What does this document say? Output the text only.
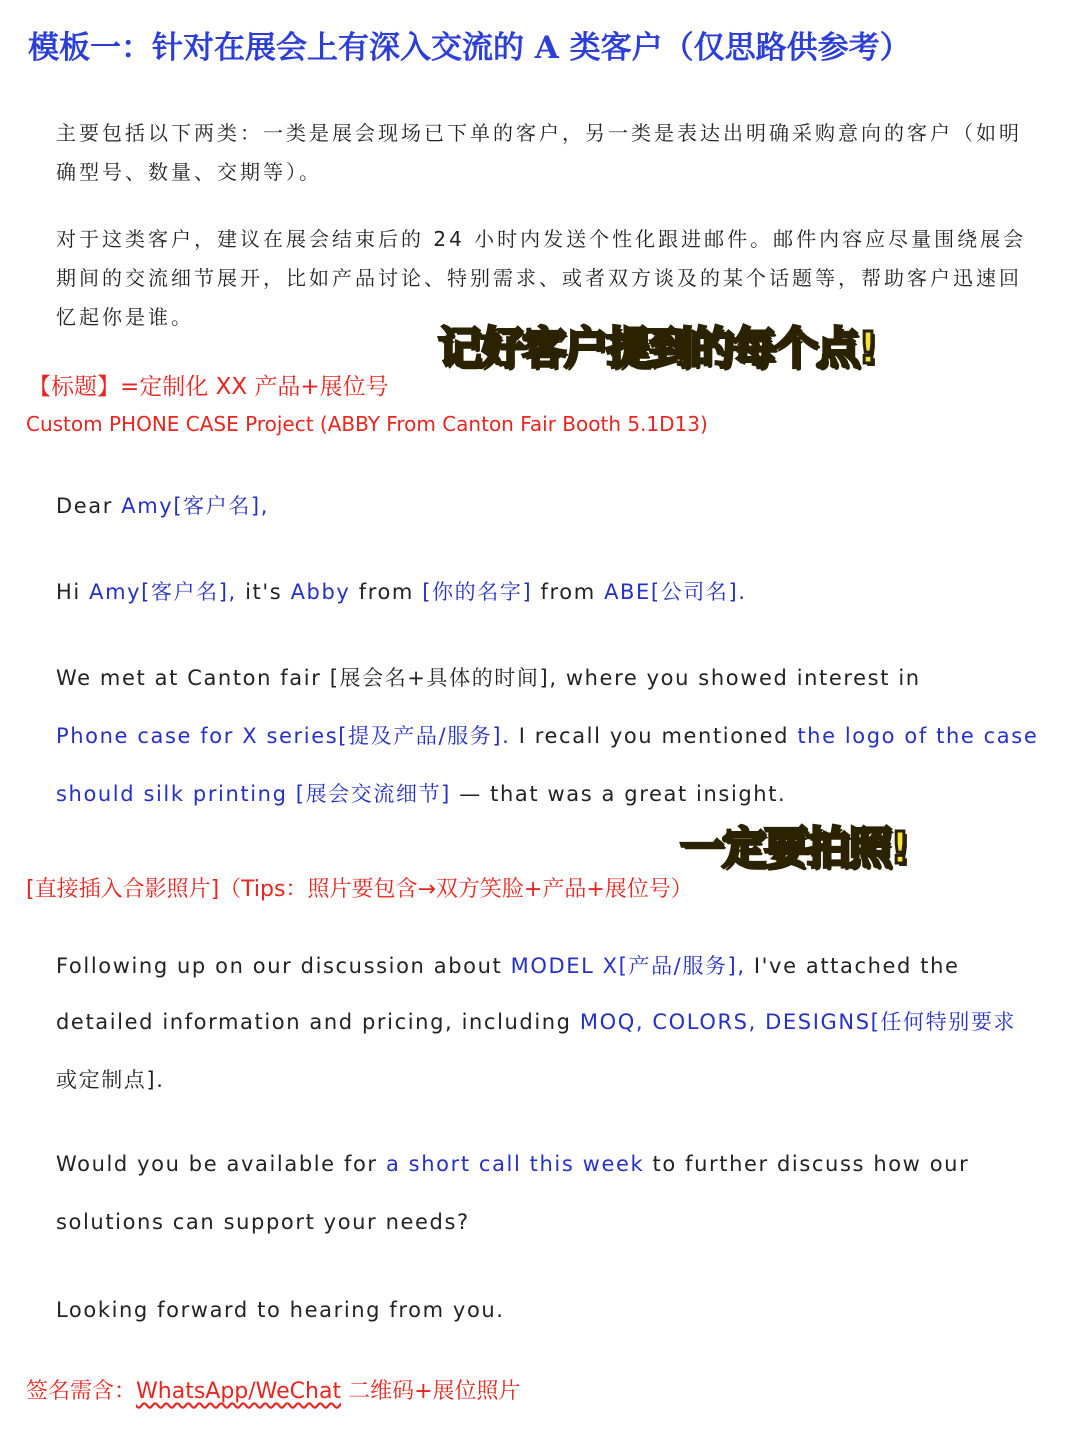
模板一：针对在展会上有深入交流的 A 类客户（仅思路供参考）
主要包括以下两类：一类是展会现场已下单的客户，另一类是表达出明确采购意向的客户（如明确型号、数量、交期等）。
对于这类客户，建议在展会结束后的 24 小时内发送个性化跟进邮件。邮件内容应尽量围绕展会期间的交流细节展开，比如产品讨论、特别需求、或者双方谈及的某个话题等，帮助客户迅速回忆起你是谁。
记好客户提到的每个点!
【标题】=定制化 XX 产品+展位号
Custom PHONE CASE Project (ABBY From Canton Fair Booth 5.1D13)
Dear Amy[客户名],
Hi Amy[客户名], it's Abby from [你的名字] from ABE[公司名].
We met at Canton fair [展会名+具体的时间], where you showed interest in
Phone case for X series[提及产品/服务]. I recall you mentioned the logo of the case
should silk printing [展会交流细节] — that was a great insight.
一定要拍照!
[直接插入合影照片]（Tips：照片要包含→双方笑脸+产品+展位号）
Following up on our discussion about MODEL X[产品/服务], I've attached the
detailed information and pricing, including MOQ, COLORS, DESIGNS[任何特别要求
或定制点].
Would you be available for a short call this week to further discuss how our
solutions can support your needs?
Looking forward to hearing from you.
签名需含：WhatsApp/WeChat 二维码+展位照片
